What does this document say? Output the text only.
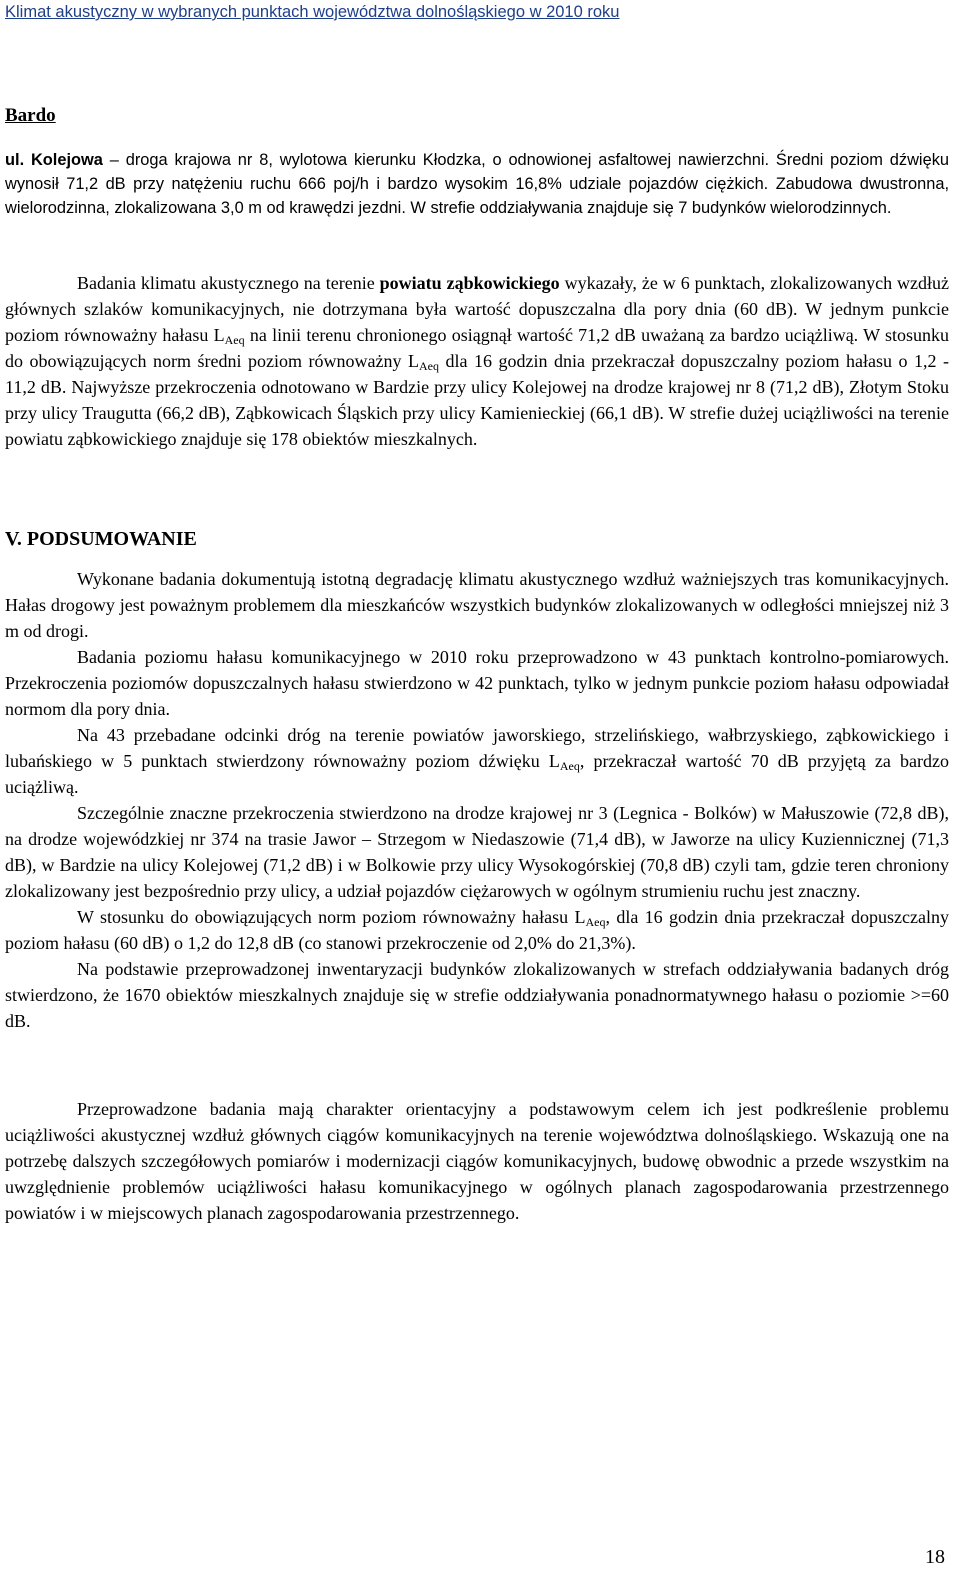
Klimat akustyczny w wybranych punktach województwa dolnośląskiego w 2010 roku
Bardo
ul. Kolejowa – droga krajowa nr 8, wylotowa kierunku Kłodzka, o odnowionej asfaltowej nawierzchni. Średni poziom dźwięku wynosił 71,2 dB przy natężeniu ruchu 666 poj/h i bardzo wysokim 16,8% udziale pojazdów ciężkich. Zabudowa dwustronna, wielorodzinna, zlokalizowana 3,0 m od krawędzi jezdni. W strefie oddziaływania znajduje się 7 budynków wielorodzinnych.

Badania klimatu akustycznego na terenie powiatu ząbkowickiego wykazały, że w 6 punktach, zlokalizowanych wzdłuż głównych szlaków komunikacyjnych, nie dotrzymana była wartość dopuszczalna dla pory dnia (60 dB). W jednym punkcie poziom równoważny hałasu $L_{Aeq}$ na linii terenu chronionego osiągnął wartość 71,2 dB uważaną za bardzo uciążliwą. W stosunku do obowiązujących norm średni poziom równoważny $L_{Aeq}$ dla 16 godzin dnia przekraczał dopuszczalny poziom hałasu o 1,2 - 11,2 dB. Najwyższe przekroczenia odnotowano w Bardzie przy ulicy Kolejowej na drodze krajowej nr 8 (71,2 dB), Złotym Stoku przy ulicy Traugutta (66,2 dB), Ząbkowicach Śląskich przy ulicy Kamienieckiej (66,1 dB). W strefie dużej uciążliwości na terenie powiatu ząbkowickiego znajduje się 178 obiektów mieszkalnych.

V. PODSUMOWANIE

Wykonane badania dokumentują istotną degradację klimatu akustycznego wzdłuż ważniejszych tras komunikacyjnych. Hałas drogowy jest poważnym problemem dla mieszkańców wszystkich budynków zlokalizowanych w odległości mniejszej niż 3 m od drogi.

Badania poziomu hałasu komunikacyjnego w 2010 roku przeprowadzono w 43 punktach kontrolno-pomiarowych. Przekroczenia poziomów dopuszczalnych hałasu stwierdzono w 42 punktach, tylko w jednym punkcie poziom hałasu odpowiadał normom dla pory dnia.

Na 43 przebadane odcinki dróg na terenie powiatów jaworskiego, strzelińskiego, wałbrzyskiego, ząbkowickiego i lubańskiego w 5 punktach stwierdzony równoważny poziom dźwięku $L_{Aeq}$, przekraczał wartość 70 dB przyjętą za bardzo uciążliwą.

Szczególnie znaczne przekroczenia stwierdzono na drodze krajowej nr 3 (Legnica - Bolków) w Małuszowie (72,8 dB), na drodze wojewódzkiej nr 374 na trasie Jawor – Strzegom w Niedaszowie (71,4 dB), w Jaworze na ulicy Kuziennicznej (71,3 dB), w Bardzie na ulicy Kolejowej (71,2 dB) i w Bolkowie przy ulicy Wysokogórskiej (70,8 dB) czyli tam, gdzie teren chroniony zlokalizowany jest bezpośrednio przy ulicy, a udział pojazdów ciężarowych w ogólnym strumieniu ruchu jest znaczny.

W stosunku do obowiązujących norm poziom równoważny hałasu $L_{Aeq}$, dla 16 godzin dnia przekraczał dopuszczalny poziom hałasu (60 dB) o 1,2 do 12,8 dB (co stanowi przekroczenie od 2,0% do 21,3%).

Na podstawie przeprowadzonej inwentaryzacji budynków zlokalizowanych w strefach oddziaływania badanych dróg stwierdzono, że 1670 obiektów mieszkalnych znajduje się w strefie oddziaływania ponadnormatywnego hałasu o poziomie >=60 dB.

Przeprowadzone badania mają charakter orientacyjny a podstawowym celem ich jest podkreślenie problemu uciążliwości akustycznej wzdłuż głównych ciągów komunikacyjnych na terenie województwa dolnośląskiego. Wskazują one na potrzebę dalszych szczegółowych pomiarów i modernizacji ciągów komunikacyjnych, budowę obwodnic a przede wszystkim na uwzględnienie problemów uciążliwości hałasu komunikacyjnego w ogólnych planach zagospodarowania przestrzennego powiatów i w miejscowych planach zagospodarowania przestrzennego.

18
